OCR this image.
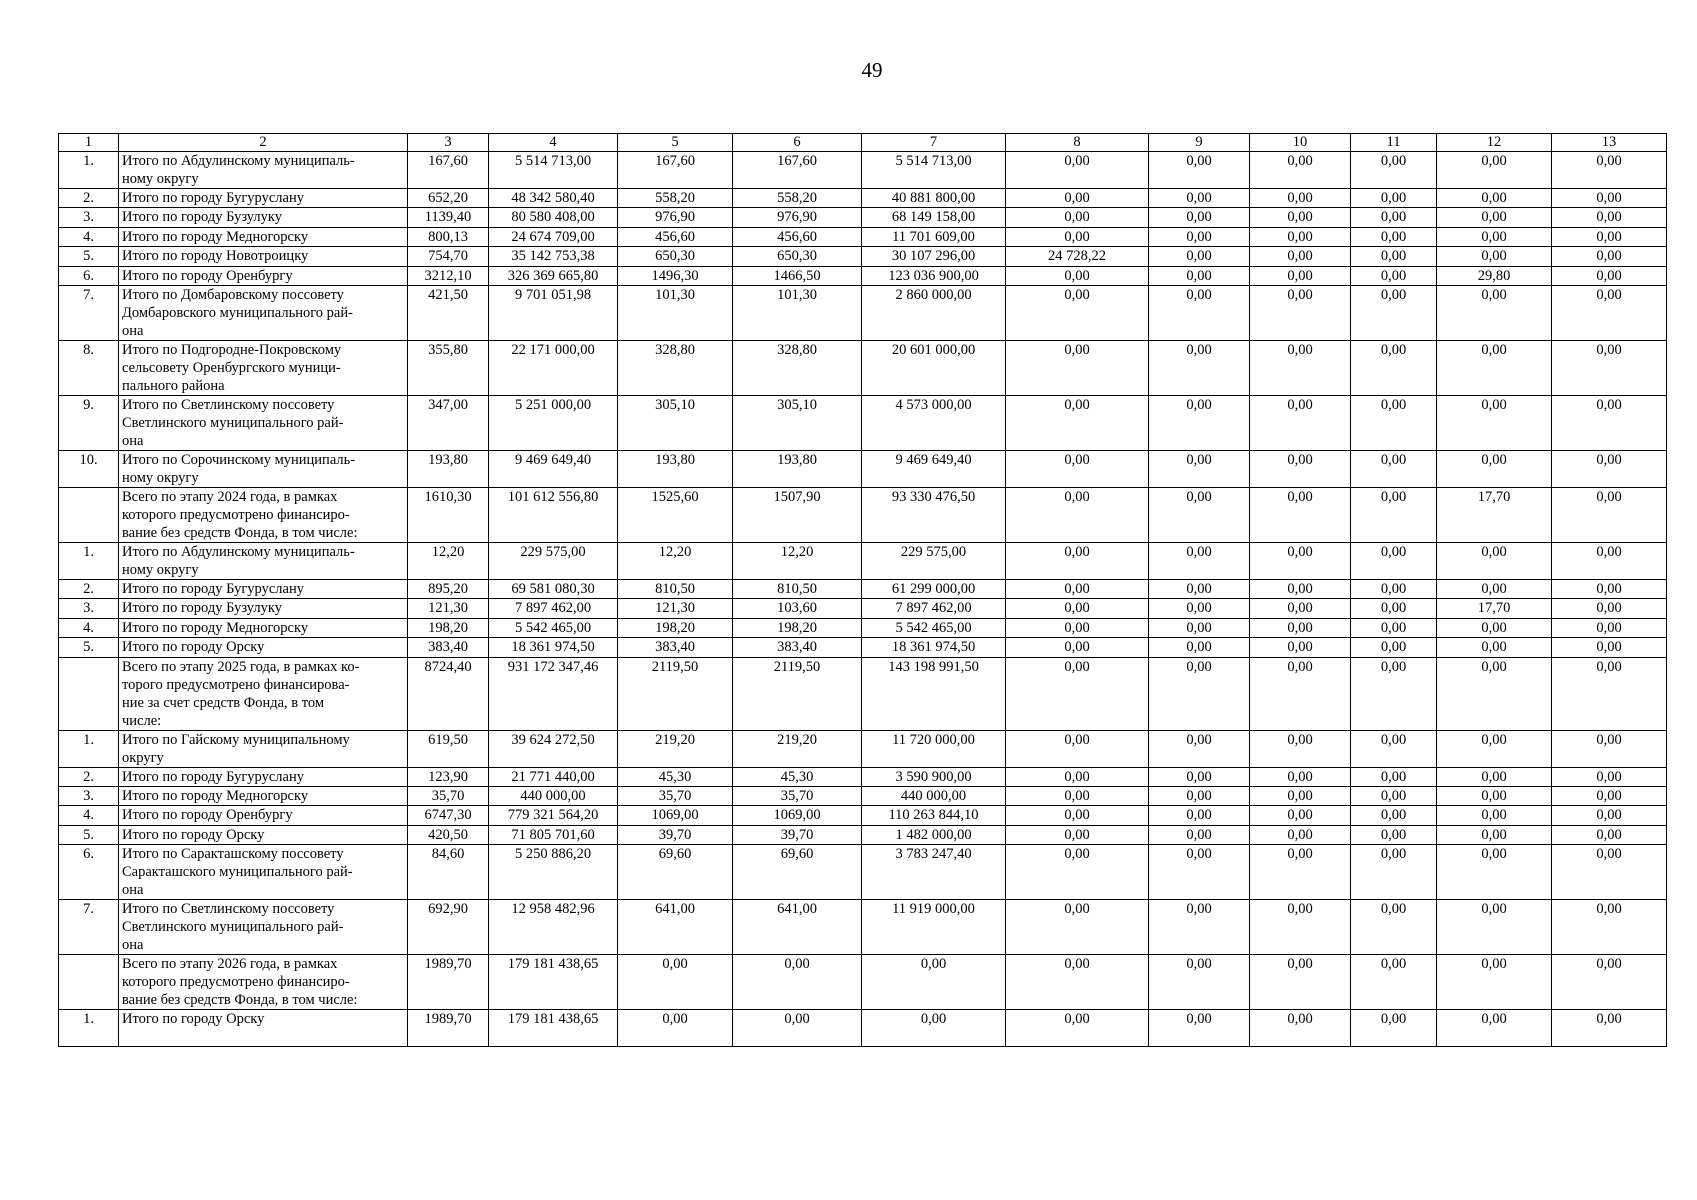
49
1	2	3	4	5	6	7	8	9	10	11	12	13
1.	Итого по Абдулинскому муниципаль-
ному округу	167,60	5 514 713,00	167,60	167,60	5 514 713,00	0,00	0,00	0,00	0,00	0,00	0,00
2.	Итого по городу Бугуруслану	652,20	48 342 580,40	558,20	558,20	40 881 800,00	0,00	0,00	0,00	0,00	0,00	0,00
3.	Итого по городу Бузулуку	1139,40	80 580 408,00	976,90	976,90	68 149 158,00	0,00	0,00	0,00	0,00	0,00	0,00
4.	Итого по городу Медногорску	800,13	24 674 709,00	456,60	456,60	11 701 609,00	0,00	0,00	0,00	0,00	0,00	0,00
5.	Итого по городу Новотроицку	754,70	35 142 753,38	650,30	650,30	30 107 296,00	24 728,22	0,00	0,00	0,00	0,00	0,00
6.	Итого по городу Оренбургу	3212,10	326 369 665,80	1496,30	1466,50	123 036 900,00	0,00	0,00	0,00	0,00	29,80	0,00
7.	Итого по Домбаровскому поссовету
Домбаровского муниципального рай-
она	421,50	9 701 051,98	101,30	101,30	2 860 000,00	0,00	0,00	0,00	0,00	0,00	0,00
8.	Итого по Подгородне-Покровскому
сельсовету Оренбургского муници-
пального района	355,80	22 171 000,00	328,80	328,80	20 601 000,00	0,00	0,00	0,00	0,00	0,00	0,00
9.	Итого по Светлинскому поссовету
Светлинского муниципального рай-
она	347,00	5 251 000,00	305,10	305,10	4 573 000,00	0,00	0,00	0,00	0,00	0,00	0,00
10.	Итого по Сорочинскому муниципаль-
ному округу	193,80	9 469 649,40	193,80	193,80	9 469 649,40	0,00	0,00	0,00	0,00	0,00	0,00
	Всего по этапу 2024 года, в рамках
которого предусмотрено финансиро-
вание без средств Фонда, в том числе:	1610,30	101 612 556,80	1525,60	1507,90	93 330 476,50	0,00	0,00	0,00	0,00	17,70	0,00
1.	Итого по Абдулинскому муниципаль-
ному округу	12,20	229 575,00	12,20	12,20	229 575,00	0,00	0,00	0,00	0,00	0,00	0,00
2.	Итого по городу Бугуруслану	895,20	69 581 080,30	810,50	810,50	61 299 000,00	0,00	0,00	0,00	0,00	0,00	0,00
3.	Итого по городу Бузулуку	121,30	7 897 462,00	121,30	103,60	7 897 462,00	0,00	0,00	0,00	0,00	17,70	0,00
4.	Итого по городу Медногорску	198,20	5 542 465,00	198,20	198,20	5 542 465,00	0,00	0,00	0,00	0,00	0,00	0,00
5.	Итого по городу Орску	383,40	18 361 974,50	383,40	383,40	18 361 974,50	0,00	0,00	0,00	0,00	0,00	0,00
	Всего по этапу 2025 года, в рамках ко-
торого предусмотрено финансирова-
ние за счет средств Фонда, в том
числе:	8724,40	931 172 347,46	2119,50	2119,50	143 198 991,50	0,00	0,00	0,00	0,00	0,00	0,00
1.	Итого по Гайскому муниципальному
округу	619,50	39 624 272,50	219,20	219,20	11 720 000,00	0,00	0,00	0,00	0,00	0,00	0,00
2.	Итого по городу Бугуруслану	123,90	21 771 440,00	45,30	45,30	3 590 900,00	0,00	0,00	0,00	0,00	0,00	0,00
3.	Итого по городу Медногорску	35,70	440 000,00	35,70	35,70	440 000,00	0,00	0,00	0,00	0,00	0,00	0,00
4.	Итого по городу Оренбургу	6747,30	779 321 564,20	1069,00	1069,00	110 263 844,10	0,00	0,00	0,00	0,00	0,00	0,00
5.	Итого по городу Орску	420,50	71 805 701,60	39,70	39,70	1 482 000,00	0,00	0,00	0,00	0,00	0,00	0,00
6.	Итого по Саракташскому поссовету
Саракташского муниципального рай-
она	84,60	5 250 886,20	69,60	69,60	3 783 247,40	0,00	0,00	0,00	0,00	0,00	0,00
7.	Итого по Светлинскому поссовету
Светлинского муниципального рай-
она	692,90	12 958 482,96	641,00	641,00	11 919 000,00	0,00	0,00	0,00	0,00	0,00	0,00
	Всего по этапу 2026 года, в рамках
которого предусмотрено финансиро-
вание без средств Фонда, в том числе:	1989,70	179 181 438,65	0,00	0,00	0,00	0,00	0,00	0,00	0,00	0,00	0,00
1.	Итого по городу Орску	1989,70	179 181 438,65	0,00	0,00	0,00	0,00	0,00	0,00	0,00	0,00	0,00
